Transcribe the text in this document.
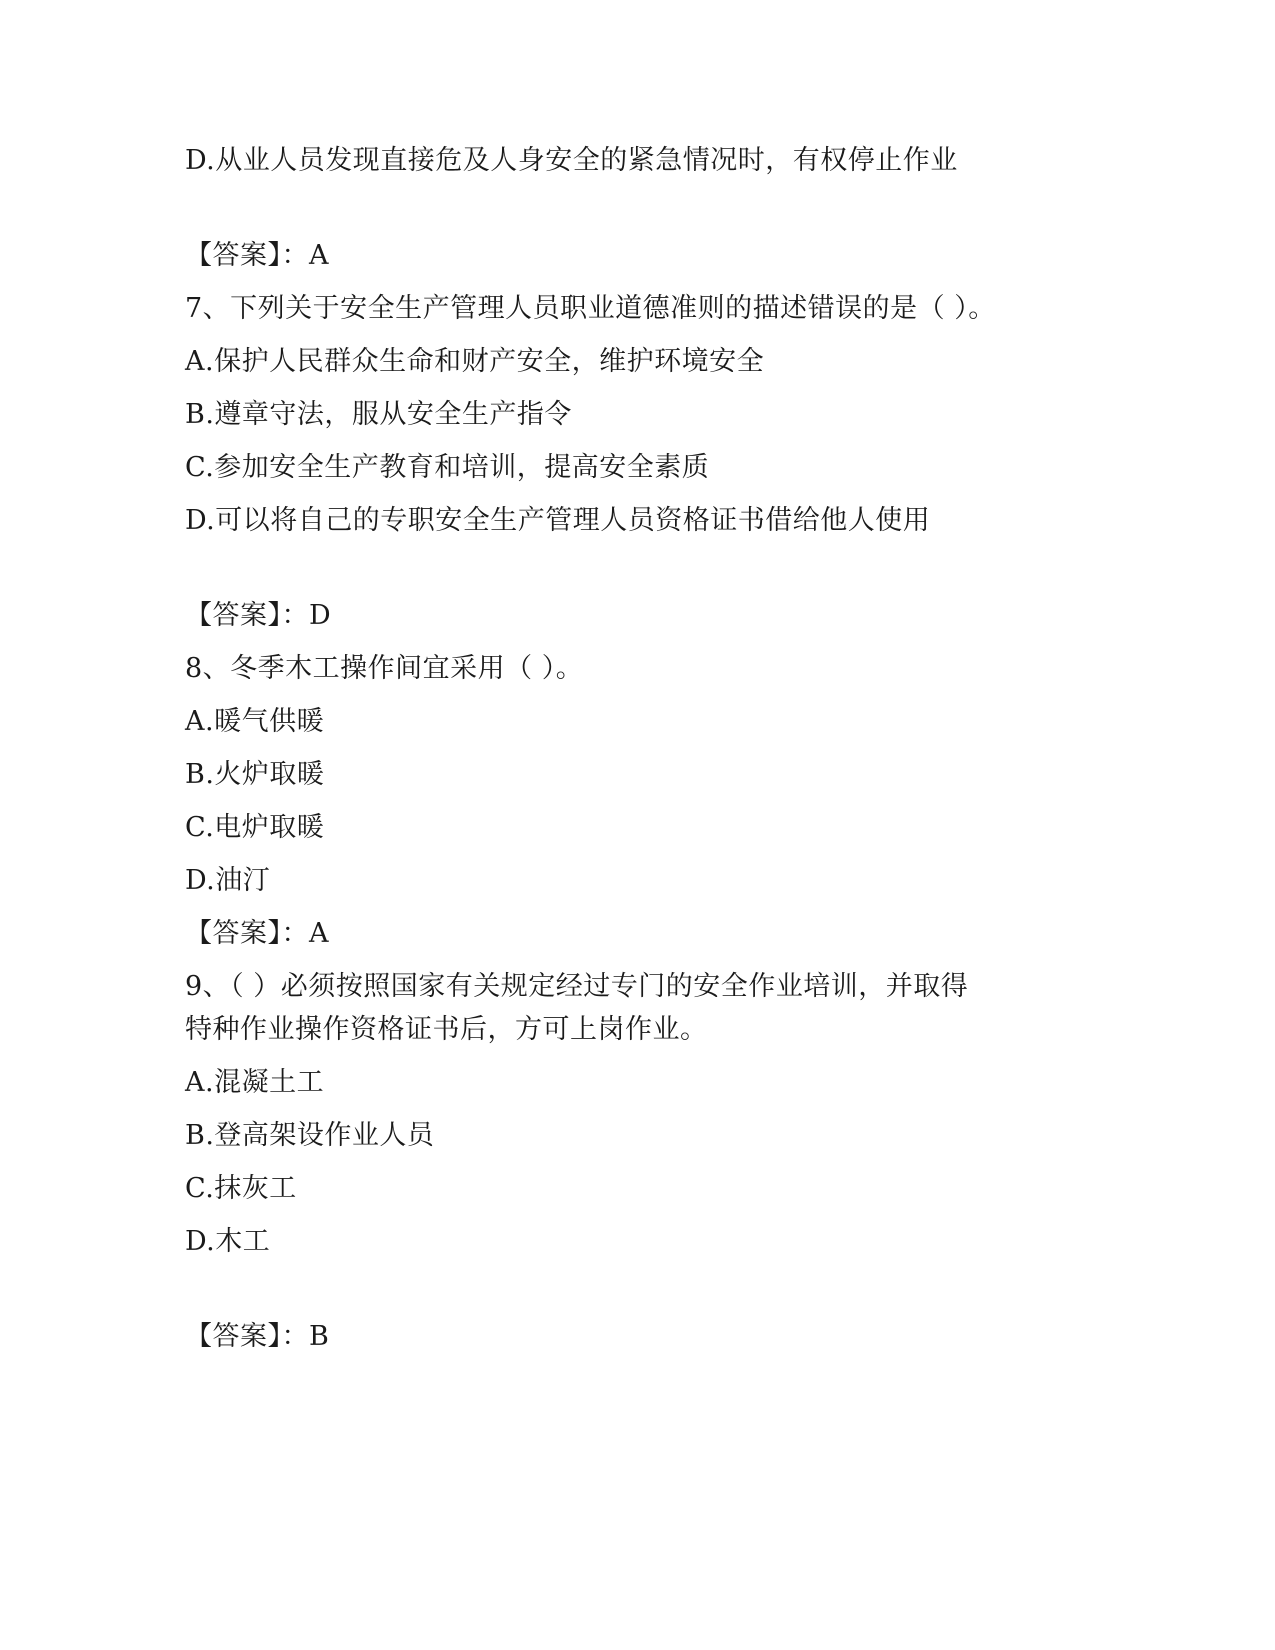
D.从业人员发现直接危及人身安全的紧急情况时，有权停止作业
【答案】：A
7、下列关于安全生产管理人员职业道德准则的描述错误的是（ ）。
A.保护人民群众生命和财产安全，维护环境安全
B.遵章守法，服从安全生产指令
C.参加安全生产教育和培训，提高安全素质
D.可以将自己的专职安全生产管理人员资格证书借给他人使用
【答案】：D
8、冬季木工操作间宜采用（ ）。
A.暖气供暖
B.火炉取暖
C.电炉取暖
D.油汀
【答案】：A
9、（ ）必须按照国家有关规定经过专门的安全作业培训，并取得
特种作业操作资格证书后，方可上岗作业。
A.混凝土工
B.登高架设作业人员
C.抹灰工
D.木工
【答案】：B
